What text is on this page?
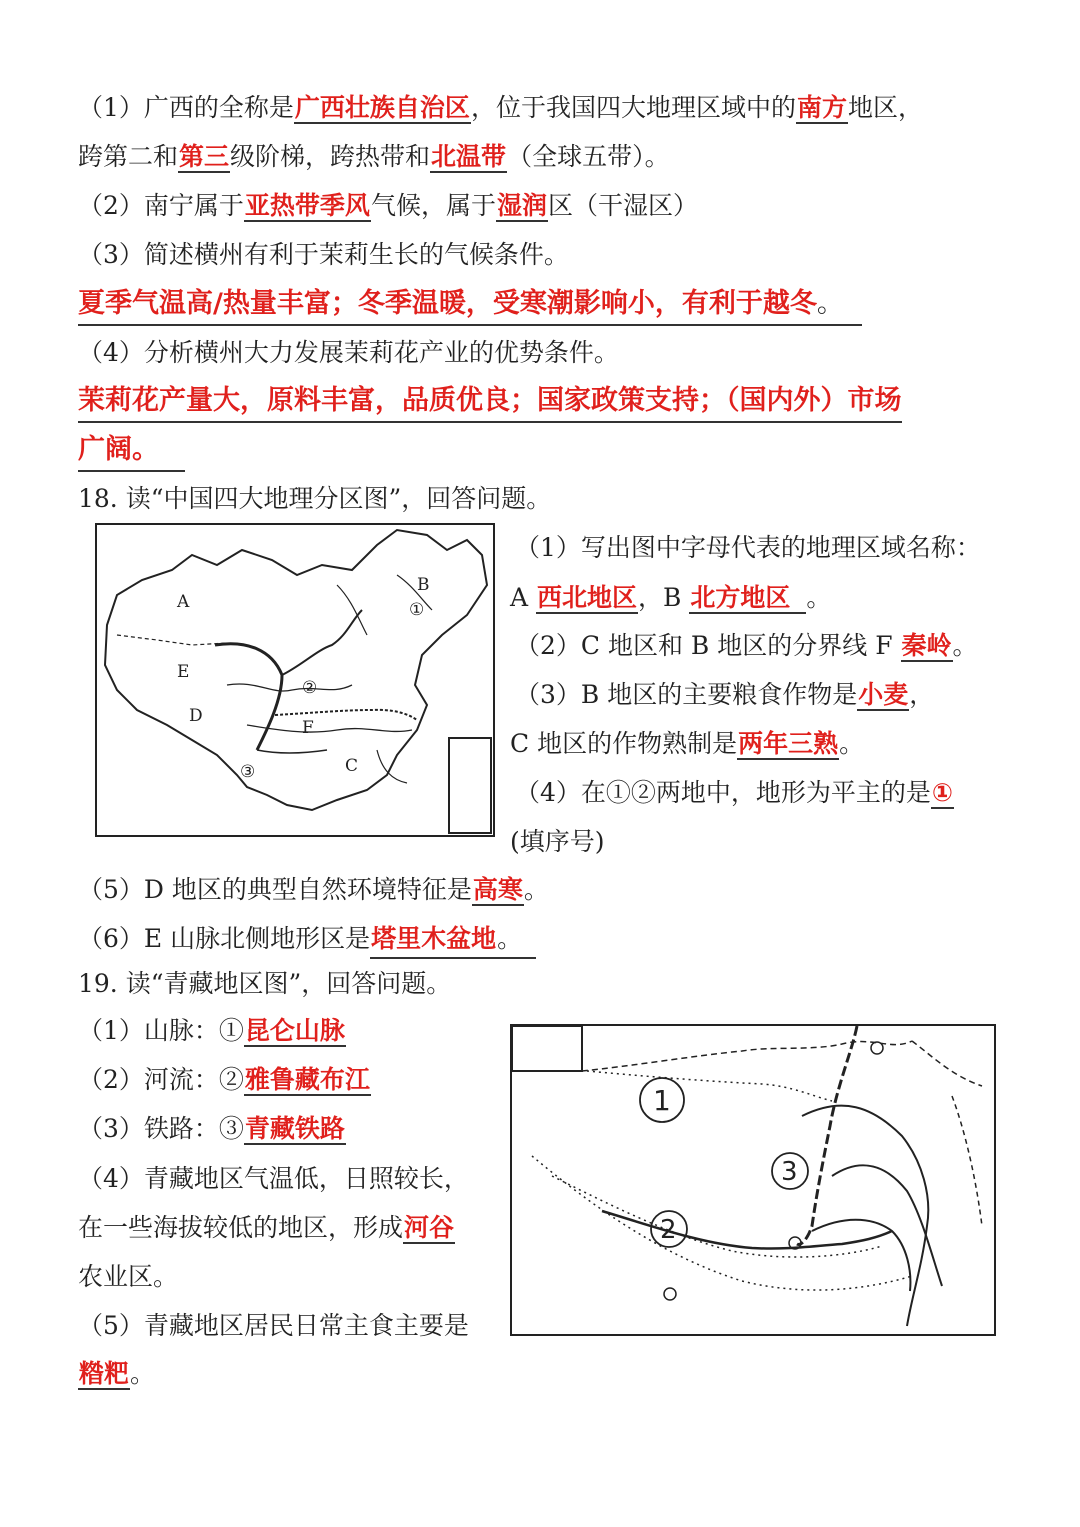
（1）广西的全称是广西壮族自治区，位于我国四大地理区域中的南方地区，
跨第二和第三级阶梯，跨热带和北温带（全球五带）。
（2）南宁属于亚热带季风气候，属于湿润区（干湿区）
（3）简述横州有利于茉莉生长的气候条件。
夏季气温高/热量丰富；冬季温暖，受寒潮影响小，有利于越冬。
（4）分析横州大力发展茉莉花产业的优势条件。
茉莉花产量大，原料丰富，品质优良；国家政策支持；（国内外）市场
广阔。
18. 读“中国四大地理分区图”，回答问题。
A
B
①
E
D
②
F
C
③
（1）写出图中字母代表的地理区域名称：
A 西北地区，B 北方地区 。
（2）C 地区和 B 地区的分界线 F 秦岭。
（3）B 地区的主要粮食作物是小麦，
C 地区的作物熟制是两年三熟。
（4）在①②两地中，地形为平主的是①
(填序号)
（5）D 地区的典型自然环境特征是高寒。
（6）E 山脉北侧地形区是塔里木盆地。
19. 读“青藏地区图”，回答问题。
（1）山脉：①昆仑山脉
（2）河流：②雅鲁藏布江
（3）铁路：③青藏铁路
（4）青藏地区气温低，日照较长，
在一些海拔较低的地区，形成河谷
农业区。
（5）青藏地区居民日常主食主要是
糌粑。
1
2
3
